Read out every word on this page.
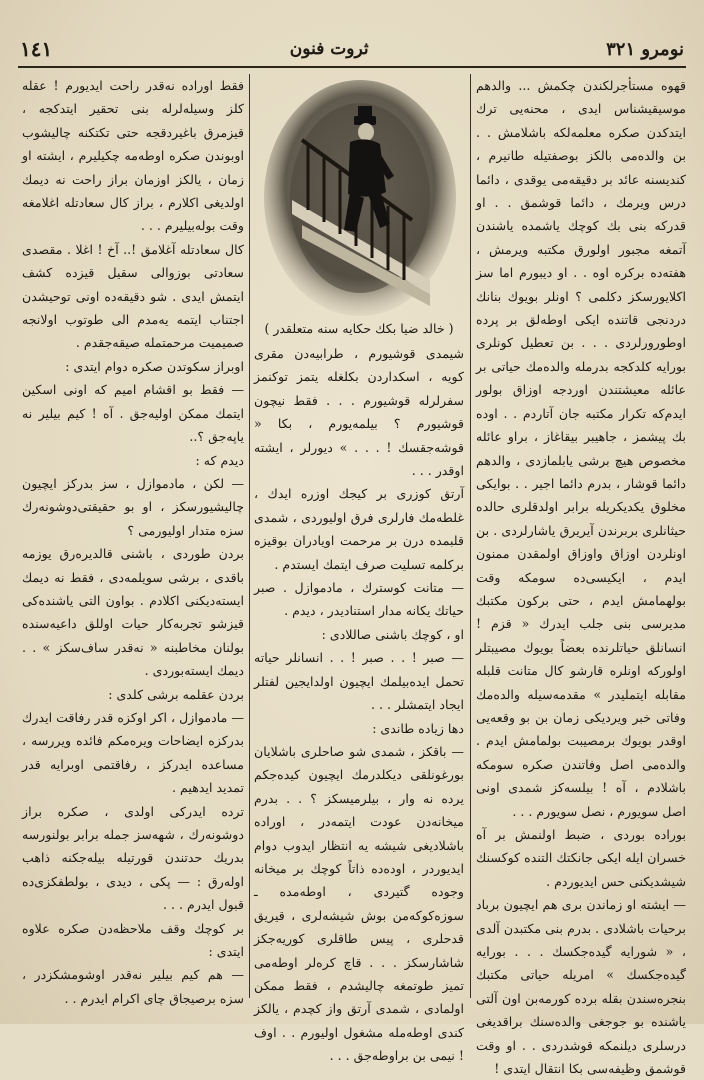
نومرو ٣٢١
ثروت فنون
١٤١

قهوه مستأجرلكندن چكمش ... والدهم موسيقيشناس ايدى ، محنه‌يى ترك ايتدكدن صكره معلمه‌لكه باشلامش . . بن والده‌مى بالكز بوصفتيله طانيرم ، كنديسنه عائد بر دقيقه‌مى يوقدى ، دائما درس ويرمك ، دائما قوشمق . . او قدركه بنى بك كوچك ياشمده ياشندن آتمغه مجبور اولورق مكتبه ويرمش ، هفته‌ده بركره اوه . . او ديبورم اما سز اكلايورسكز دكلمى ؟ اونلر بويوك بنانك دردنجى قاتنده ايكى اوطه‌لق بر پرده اوطورورلردى . . . بن تعطيل كونلرى بورايه كلدكجه بدرمله والده‌مك حياتى بر عائله معيشتندن اوردجه اوزاق بولور ايدم‌كه تكرار مكتبه جان آتاردم . . اوده بك پيشمز ، جاهيبر بيقاغاز ، براو عائله مخصوص هيچ برشى يابلمازدى ، والدهم دائما قوشار ، بدرم دائما اجير . . بوايكى مخلوق يكديكريله برابر اولدقلرى حالده حيثانلرى بربرندن آيريرق ياشارلردى . بن اونلردن اوزاق واوزاق اولمقدن ممنون ايدم ، ايكيسى‌ده سومكه وقت بولهمامش ايدم ، حتى بركون مكتبك مديرسى بنى جلب ايدرك « قزم ! انسانلق حياتلرنده بعضاً بويوك مصيبتلر اولوركه اونلره قارشو كال متانت قلبله مقابله ايتمليدر » مقدمه‌سيله والده‌مك وفاتى خبر ويرديكى زمان بن بو وقعه‌يى اوقدر بويوك برمصيبت بولمامش ايدم . والده‌مى اصل وفاتندن صكره سومكه باشلادم ، آه ! بيلسه‌كز شمدى اونى اصل سويورم ، نصل سويورم . . .

بوراده بوردى ، ضبط اولنمش بر آه خسران ايله ايكى جانكتك التنده كوكسنك شيشديكنى حس ايديوردم .

— ايشته او زماندن برى هم ايچيون برباد برحيات باشلادى . بدرم بنى مكتبدن آلدى ، « شورايه گيده‌جكسك . . . بورايه گيده‌جكسك » امريله حياتى مكتبك بنجره‌سندن بقله برده كورمه‌بن اون آلتى ياشنده بو جوجغى والده‌سنك براقديغى درسلرى ديلنمكه قوشدردى . . او وقت قوشمق وظيفه‌سى بكا انتقال ايتدى !

( خالد ضيا بكك حكايه سنه متعلقدر )

شيمدى قوشيورم ، طرابيه‌دن مقرى كويه ، اسكداردن بكلغله يتمز توكنمز سفرلرله قوشيورم . . . فقط نيچون قوشيورم ؟ بيلمه‌يورم ، بكا « قوشه‌جقسك ! . . . » ديورلر ، ايشته اوقدر . . .

آرتق كوزرى بر كيجك اوزره ايدك ، غلطه‌مك فارلرى فرق اوليوردى ، شمدى قلبمده درن بر مرحمت اويادران بوقيزه بركلمه تسليت صرف ايتمك ايستدم .

— متانت كوسترك ، مادموازل . صبر حياتك يكانه مدار استناديدر ، ديدم .

او ، كوچك باشنى صاللادى :

— صبر ! . . صبر ! . . انسانلر حياته تحمل ايده‌بيلمك ايچيون اولدايجين لفتلر ايجاد ايتمشلر . . .

دها زياده طاندى :

— باقكز ، شمدى شو صاحلرى باشلايان بورغونلقى ديكلدرمك ايچيون كيده‌جكم يرده نه وار ، بيلرميسكز ؟ . . بدرم ميخانه‌دن عودت ايتمه‌در ، اوراده باشلاديغى شيشه‌ يه انتظار ايدوب دوام ايديوردر ، اوده‌ده ذاتاً كوچك بر ميخانه وجوده گتيردى ، اوطه‌مده ـ سوزه‌كوكه‌من بوش شيشه‌لرى ، قيريق قدحلرى ، پيس طاقلرى كوريه‌جكز شاشارسكز . . . قاچ كره‌لر اوطه‌مى تميز طوتمغه چاليشدم ، فقط ممكن اولمادى ، شمدى آرتق واز كچدم ، يالكز كندى اوطه‌مله مشغول اوليورم . . اوف ! نيمى بن براوطه‌جق . . .

فقط اوراده نه‌قدر راحت ايديورم ! عقله كلز وسيله‌لرله بنى تحقير ايتدكجه ، قيزمرق باغيردقجه حتى تكتكنه چاليشوب اوبوندن صكره اوطه‌مه چكيليرم ، ايشته او زمان ، يالكز اوزمان براز راحت نه ديمك اولديغى اكلارم ، براز كال سعادتله اغلامغه وقت بوله‌بيليرم . . .

كال سعادتله آغلامق !.. آخ ! اغلا . مقصدى سعادتى بوزوالى سقيل قيزده كشف ايتمش ايدى . شو دقيقه‌ده اونى توحيشدن اجتناب ايتمه‌ يه‌مدم الى طوتوب اولانجه صميميت مرحمتمله صيقه‌جقدم .

اوبراز سكوتدن صكره دوام ايتدى :

— فقط بو اقشام اميم كه اونى اسكين ايتمك ممكن اوليه‌جق . آه ! كيم بيلير نه ياپه‌جق ؟..

ديدم كه :

— لكن ، مادموازل ، سز بدركز ايچيون چاليشيورسكز ، او بو حقيقتى‌دوشونه‌رك سزه متدار اوليورمى ؟

بردن طوردى ، باشنى قالديره‌رق يوزمه باقدى ، برشى سويلمه‌دى ، فقط نه ديمك ايسته‌ديكنى اكلادم . بواون التى ياشنده‌كى قيزشو تجربه‌كار حيات اوللق داعيه‌سنده بولنان مخاطبنه « نه‌قدر ساف‌سكز » . . ديمك ايسته‌بوردى .

بردن عقلمه برشى كلدى :

— مادموازل ، اكر اوكزه قدر رفاقت ايدرك بدركزه ايضاحات ويره‌مكم فائده ويررسه ، مساعده ايدركز ، رفاقتمى اوبرايه قدر تمديد ايدهيم .

ترده ايدركى اولدى ، صكره براز دوشونه‌رك ، شهه‌سز جمله برابر بولنورسه بدريك حدتندن قورتيله بيله‌جكنه ذاهب اوله‌رق : — پكى ، ديدى ، بولطفكزى‌ده قبول ايدرم . . .

بر كوچك وقف ملاحظه‌دن صكره علاوه ايتدى :

— هم كيم بيلير نه‌قدر اوشومشكزدر ، سزه برصيجاق چاى اكرام ايدرم . .
